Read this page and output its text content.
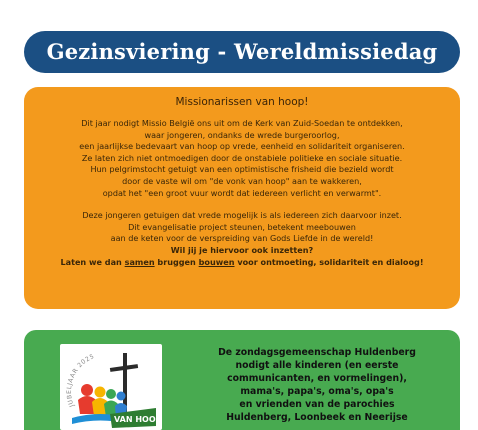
Gezinsviering - Wereldmissiedag
Missionarissen van hoop!
Dit jaar nodigt Missio België ons uit om de Kerk van Zuid-Soedan te ontdekken,
waar jongeren, ondanks de wrede burgeroorlog,
een jaarlijkse bedevaart van hoop op vrede, eenheid en solidariteit organiseren.
Ze laten zich niet ontmoedigen door de onstabiele politieke en sociale situatie.
Hun pelgrimstocht getuigt van een optimistische frisheid die bezield wordt
door de vaste wil om "de vonk van hoop" aan te wakkeren,
opdat het "een groot vuur wordt dat iedereen verlicht en verwarmt".
Deze jongeren getuigen dat vrede mogelijk is als iedereen zich daarvoor inzet.
Dit evangelisatie project steunen, betekent meebouwen
aan de keten voor de verspreiding van Gods Liefde in de wereld!
Wil jij je hiervoor ook inzetten?
Laten we dan samen bruggen bouwen voor ontmoeting, solidariteit en dialoog!
JUBELJAAR 2025
VAN HOOP
De zondagsgemeenschap Huldenberg
nodigt alle kinderen (en eerste
communicanten, en vormelingen),
mama's, papa's, oma's, opa's
en vrienden van de parochies
Huldenberg, Loonbeek en Neerijse
